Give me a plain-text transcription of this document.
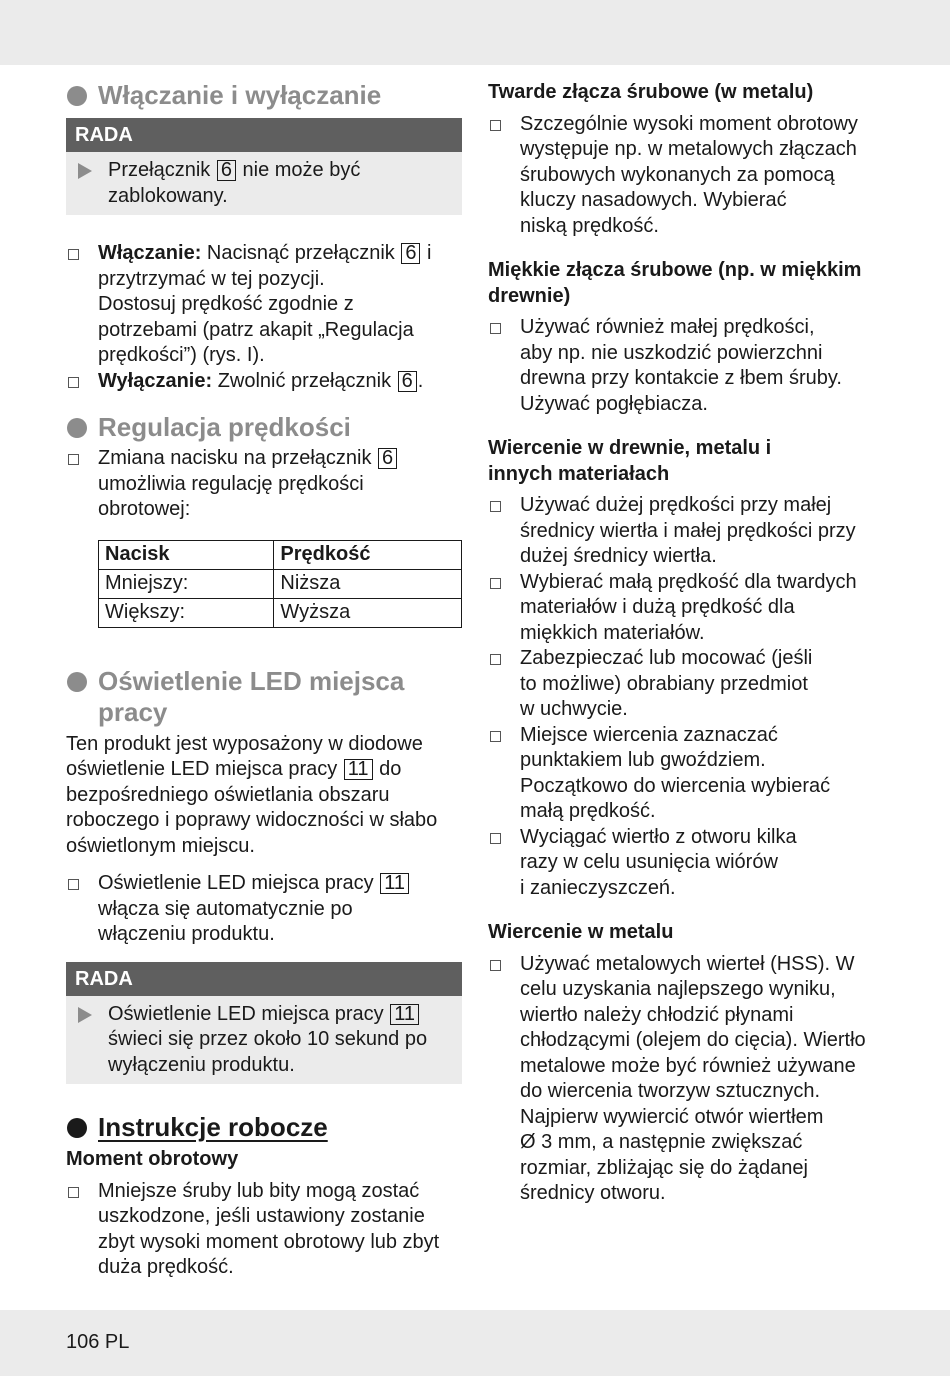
Włączanie i wyłączanie
RADA
Przełącznik 6 nie może być
zablokowany.
Włączanie: Nacisnąć przełącznik 6 i
przytrzymać w tej pozycji.
Dostosuj prędkość zgodnie z
potrzebami (patrz akapit „Regulacja
prędkości”) (rys. I).
Wyłączanie: Zwolnić przełącznik 6 .
Regulacja prędkości
Zmiana nacisku na przełącznik 6
umożliwia regulację prędkości
obrotowej:
Nacisk	Prędkość
Mniejszy:	Niższa
Większy:	Wyższa
Oświetlenie LED miejsca
pracy
Ten produkt jest wyposażony w diodowe
oświetlenie LED miejsca pracy 11 do
bezpośredniego oświetlania obszaru
roboczego i poprawy widoczności w słabo
oświetlonym miejscu.
Oświetlenie LED miejsca pracy 11
włącza się automatycznie po
włączeniu produktu.
RADA
Oświetlenie LED miejsca pracy 11
świeci się przez około 10 sekund po
wyłączeniu produktu.
Instrukcje robocze
Moment obrotowy
Mniejsze śruby lub bity mogą zostać
uszkodzone, jeśli ustawiony zostanie
zbyt wysoki moment obrotowy lub zbyt
duża prędkość.
Twarde złącza śrubowe (w metalu)
Szczególnie wysoki moment obrotowy
występuje np. w metalowych złączach
śrubowych wykonanych za pomocą
kluczy nasadowych. Wybierać
niską prędkość.
Miękkie złącza śrubowe (np. w miękkim
drewnie)
Używać również małej prędkości,
aby np. nie uszkodzić powierzchni
drewna przy kontakcie z łbem śruby.
Używać pogłębiacza.
Wiercenie w drewnie, metalu i
innych materiałach
Używać dużej prędkości przy małej
średnicy wiertła i małej prędkości przy
dużej średnicy wiertła.
Wybierać małą prędkość dla twardych
materiałów i dużą prędkość dla
miękkich materiałów.
Zabezpieczać lub mocować (jeśli
to możliwe) obrabiany przedmiot
w uchwycie.
Miejsce wiercenia zaznaczać
punktakiem lub gwoździem.
Początkowo do wiercenia wybierać
małą prędkość.
Wyciągać wiertło z otworu kilka
razy w celu usunięcia wiórów
i zanieczyszczeń.
Wiercenie w metalu
Używać metalowych wierteł (HSS). W
celu uzyskania najlepszego wyniku,
wiertło należy chłodzić płynami
chłodzącymi (olejem do cięcia). Wiertło
metalowe może być również używane
do wiercenia tworzyw sztucznych.
Najpierw wywiercić otwór wiertłem
Ø 3 mm, a następnie zwiększać
rozmiar, zbliżając się do żądanej
średnicy otworu.
106 PL
